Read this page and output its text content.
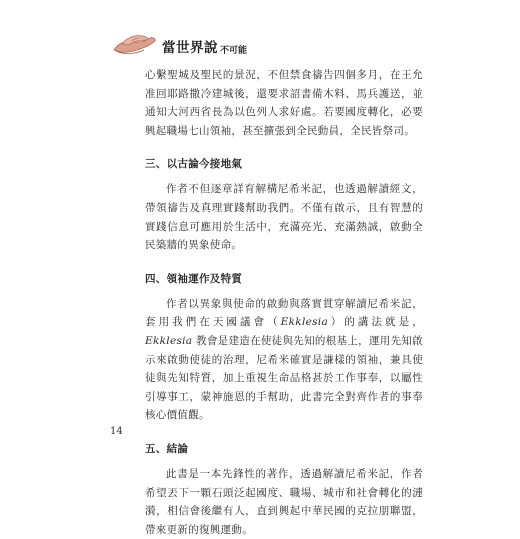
當世界說 不可能

心繫聖城及聖民的景況，不但禁食禱告四個多月，在王允准回耶路撒冷建城後，還要求詔書備木料、馬兵護送，並通知大河西省長為以色列人求好處。若要國度轉化，必要興起職場七山領袖，甚至擴張到全民動員，全民皆祭司。

三、以古論今接地氣

作者不但逐章詳育解構尼希米記，也透過解讀經文，帶領禱告及真理實踐幫助我們。不僅有啟示，且有智慧的實踐信息可應用於生活中，充滿亮光、充滿熱誠，啟動全民築牆的異象使命。

四、領袖運作及特質

作者以異象與使命的啟動與落實貫穿解讀尼希米記，套用我們在天國議會（Ekklesia）的講法就是，Ekklesia 教會是建造在使徒與先知的根基上，運用先知啟示來啟動使徒的治理，尼希米確實是謙樣的領袖，兼具使徒與先知特質，加上重視生命品格甚於工作事奉，以屬性引導事工，蒙神施恩的手幫助，此書完全對齊作者的事奉核心價值觀。

五、結論

此書是一本先鋒性的著作，透過解讀尼希米記，作者希望丟下一顆石頭泛起國度、職場、城市和社會轉化的漣漪，相信會後繼有人，直到興起中華民國的克拉朋聯盟，帶來更新的復興運動。

14
